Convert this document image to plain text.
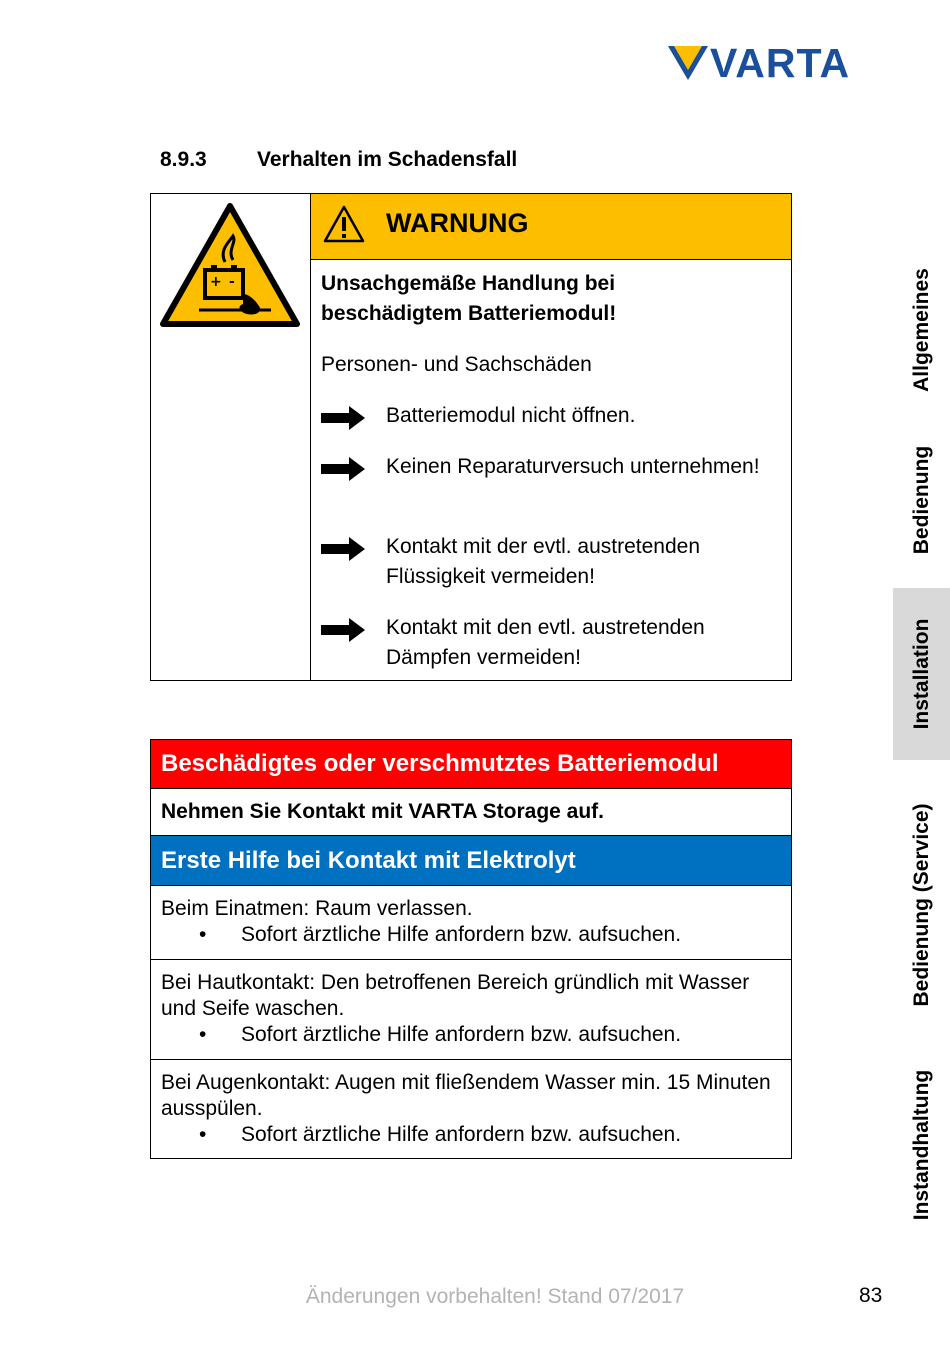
VARTA
8.9.3 Verhalten im Schadensfall
+ -
WARNUNG
Unsachgemäße Handlung bei beschädigtem Batteriemodul!
Personen- und Sachschäden
Batteriemodul nicht öffnen.
Keinen Reparaturversuch unternehmen!
Kontakt mit der evtl. austretenden Flüssigkeit vermeiden!
Kontakt mit den evtl. austretenden Dämpfen vermeiden!
Beschädigtes oder verschmutztes Batteriemodul
Nehmen Sie Kontakt mit VARTA Storage auf.
Erste Hilfe bei Kontakt mit Elektrolyt
Beim Einatmen: Raum verlassen.
• Sofort ärztliche Hilfe anfordern bzw. aufsuchen.
Bei Hautkontakt: Den betroffenen Bereich gründlich mit Wasser und Seife waschen.
• Sofort ärztliche Hilfe anfordern bzw. aufsuchen.
Bei Augenkontakt: Augen mit fließendem Wasser min. 15 Minuten ausspülen.
• Sofort ärztliche Hilfe anfordern bzw. aufsuchen.
Allgemeines
Bedienung
Installation
Bedienung (Service)
Instandhaltung
Änderungen vorbehalten! Stand 07/2017	83
